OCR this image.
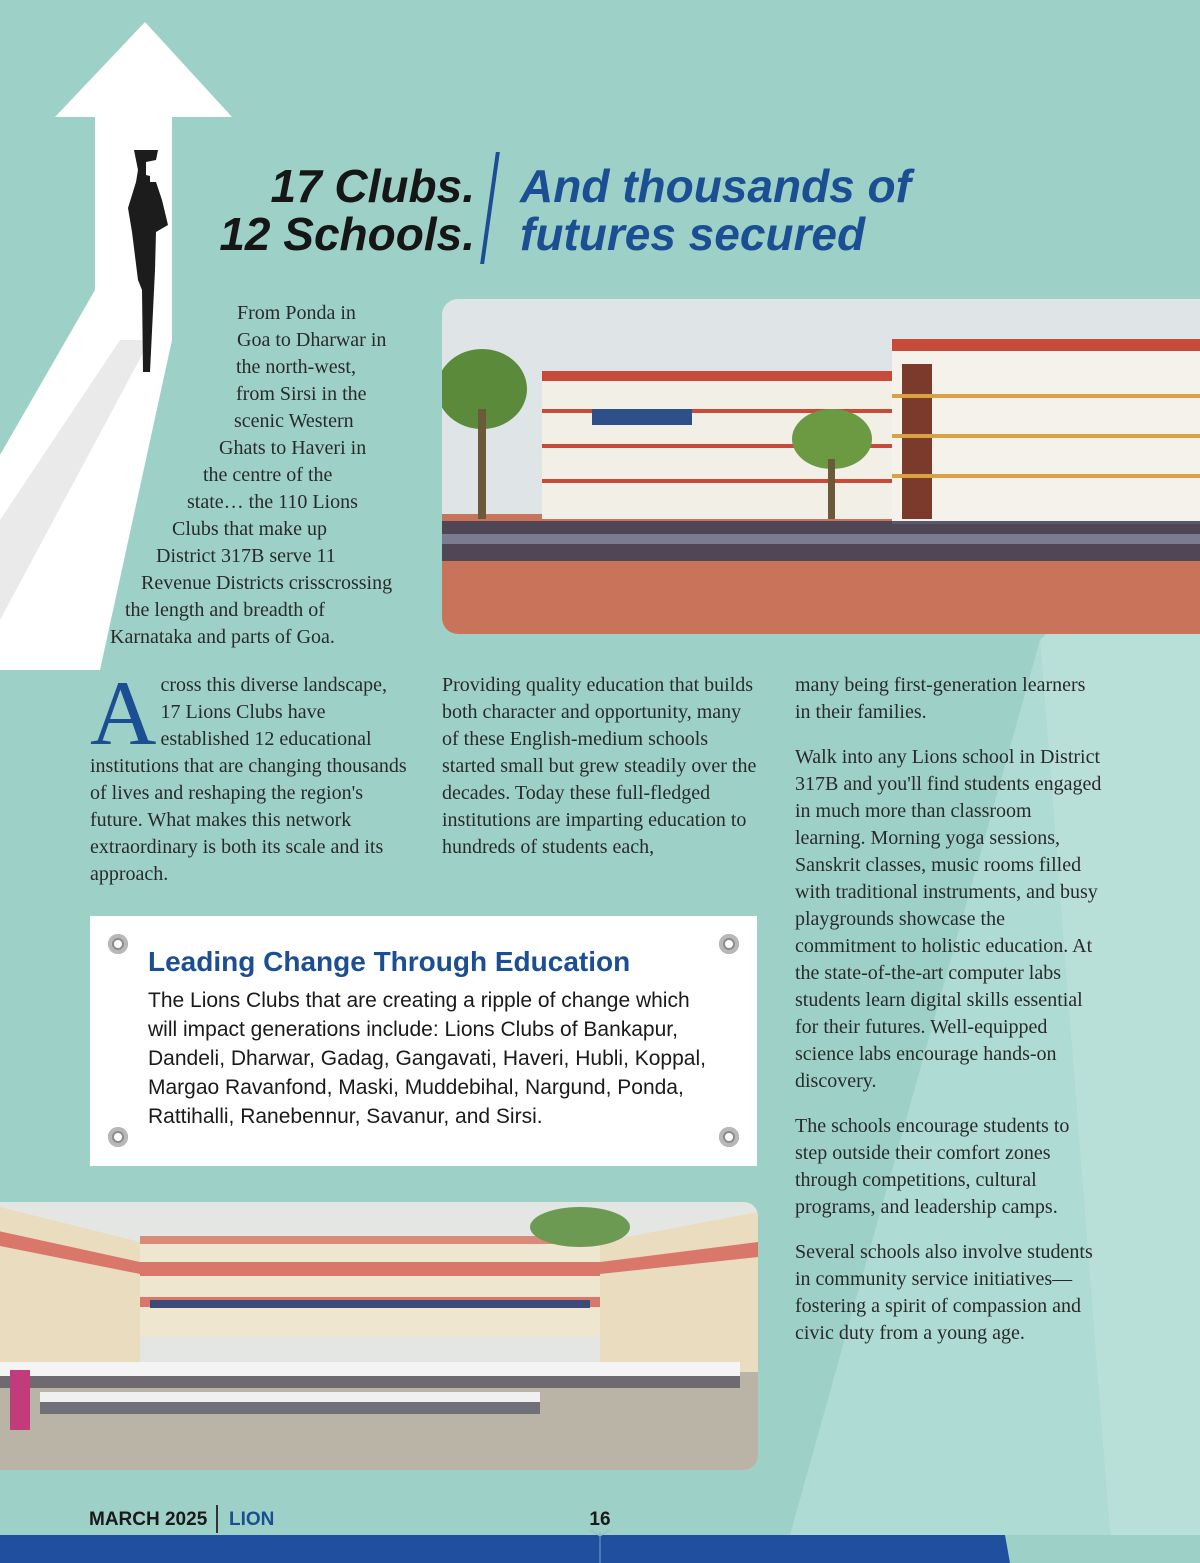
17 Clubs.
12 Schools.
And thousands of
futures secured
From Ponda in
Goa to Dharwar in
the north-west,
from Sirsi in the
scenic Western
Ghats to Haveri in
the centre of the
state… the 110 Lions
Clubs that make up
District 317B serve 11
Revenue Districts crisscrossing
the length and breadth of
Karnataka and parts of Goa.
A cross this diverse landscape, 17 Lions Clubs have established 12 educational institutions that are changing thousands of lives and reshaping the region's future. What makes this network extraordinary is both its scale and its approach.
Providing quality education that builds both character and opportunity, many of these English-medium schools started small but grew steadily over the decades. Today these full-fledged institutions are imparting education to hundreds of students each,

many being first-generation learners in their families.

Walk into any Lions school in District 317B and you'll find students engaged in much more than classroom learning. Morning yoga sessions, Sanskrit classes, music rooms filled with traditional instruments, and busy playgrounds showcase the commitment to holistic education. At the state-of-the-art computer labs students learn digital skills essential for their futures. Well-equipped science labs encourage hands-on discovery.

The schools encourage students to step outside their comfort zones through competitions, cultural programs, and leadership camps.

Several schools also involve students in community service initiatives—fostering a spirit of compassion and civic duty from a young age.

Leading Change Through Education
The Lions Clubs that are creating a ripple of change which will impact generations include: Lions Clubs of Bankapur, Dandeli, Dharwar, Gadag, Gangavati, Haveri, Hubli, Koppal, Margao Ravanfond, Maski, Muddebihal, Nargund, Ponda, Rattihalli, Ranebennur, Savanur, and Sirsi.
MARCH 2025 LION	16
